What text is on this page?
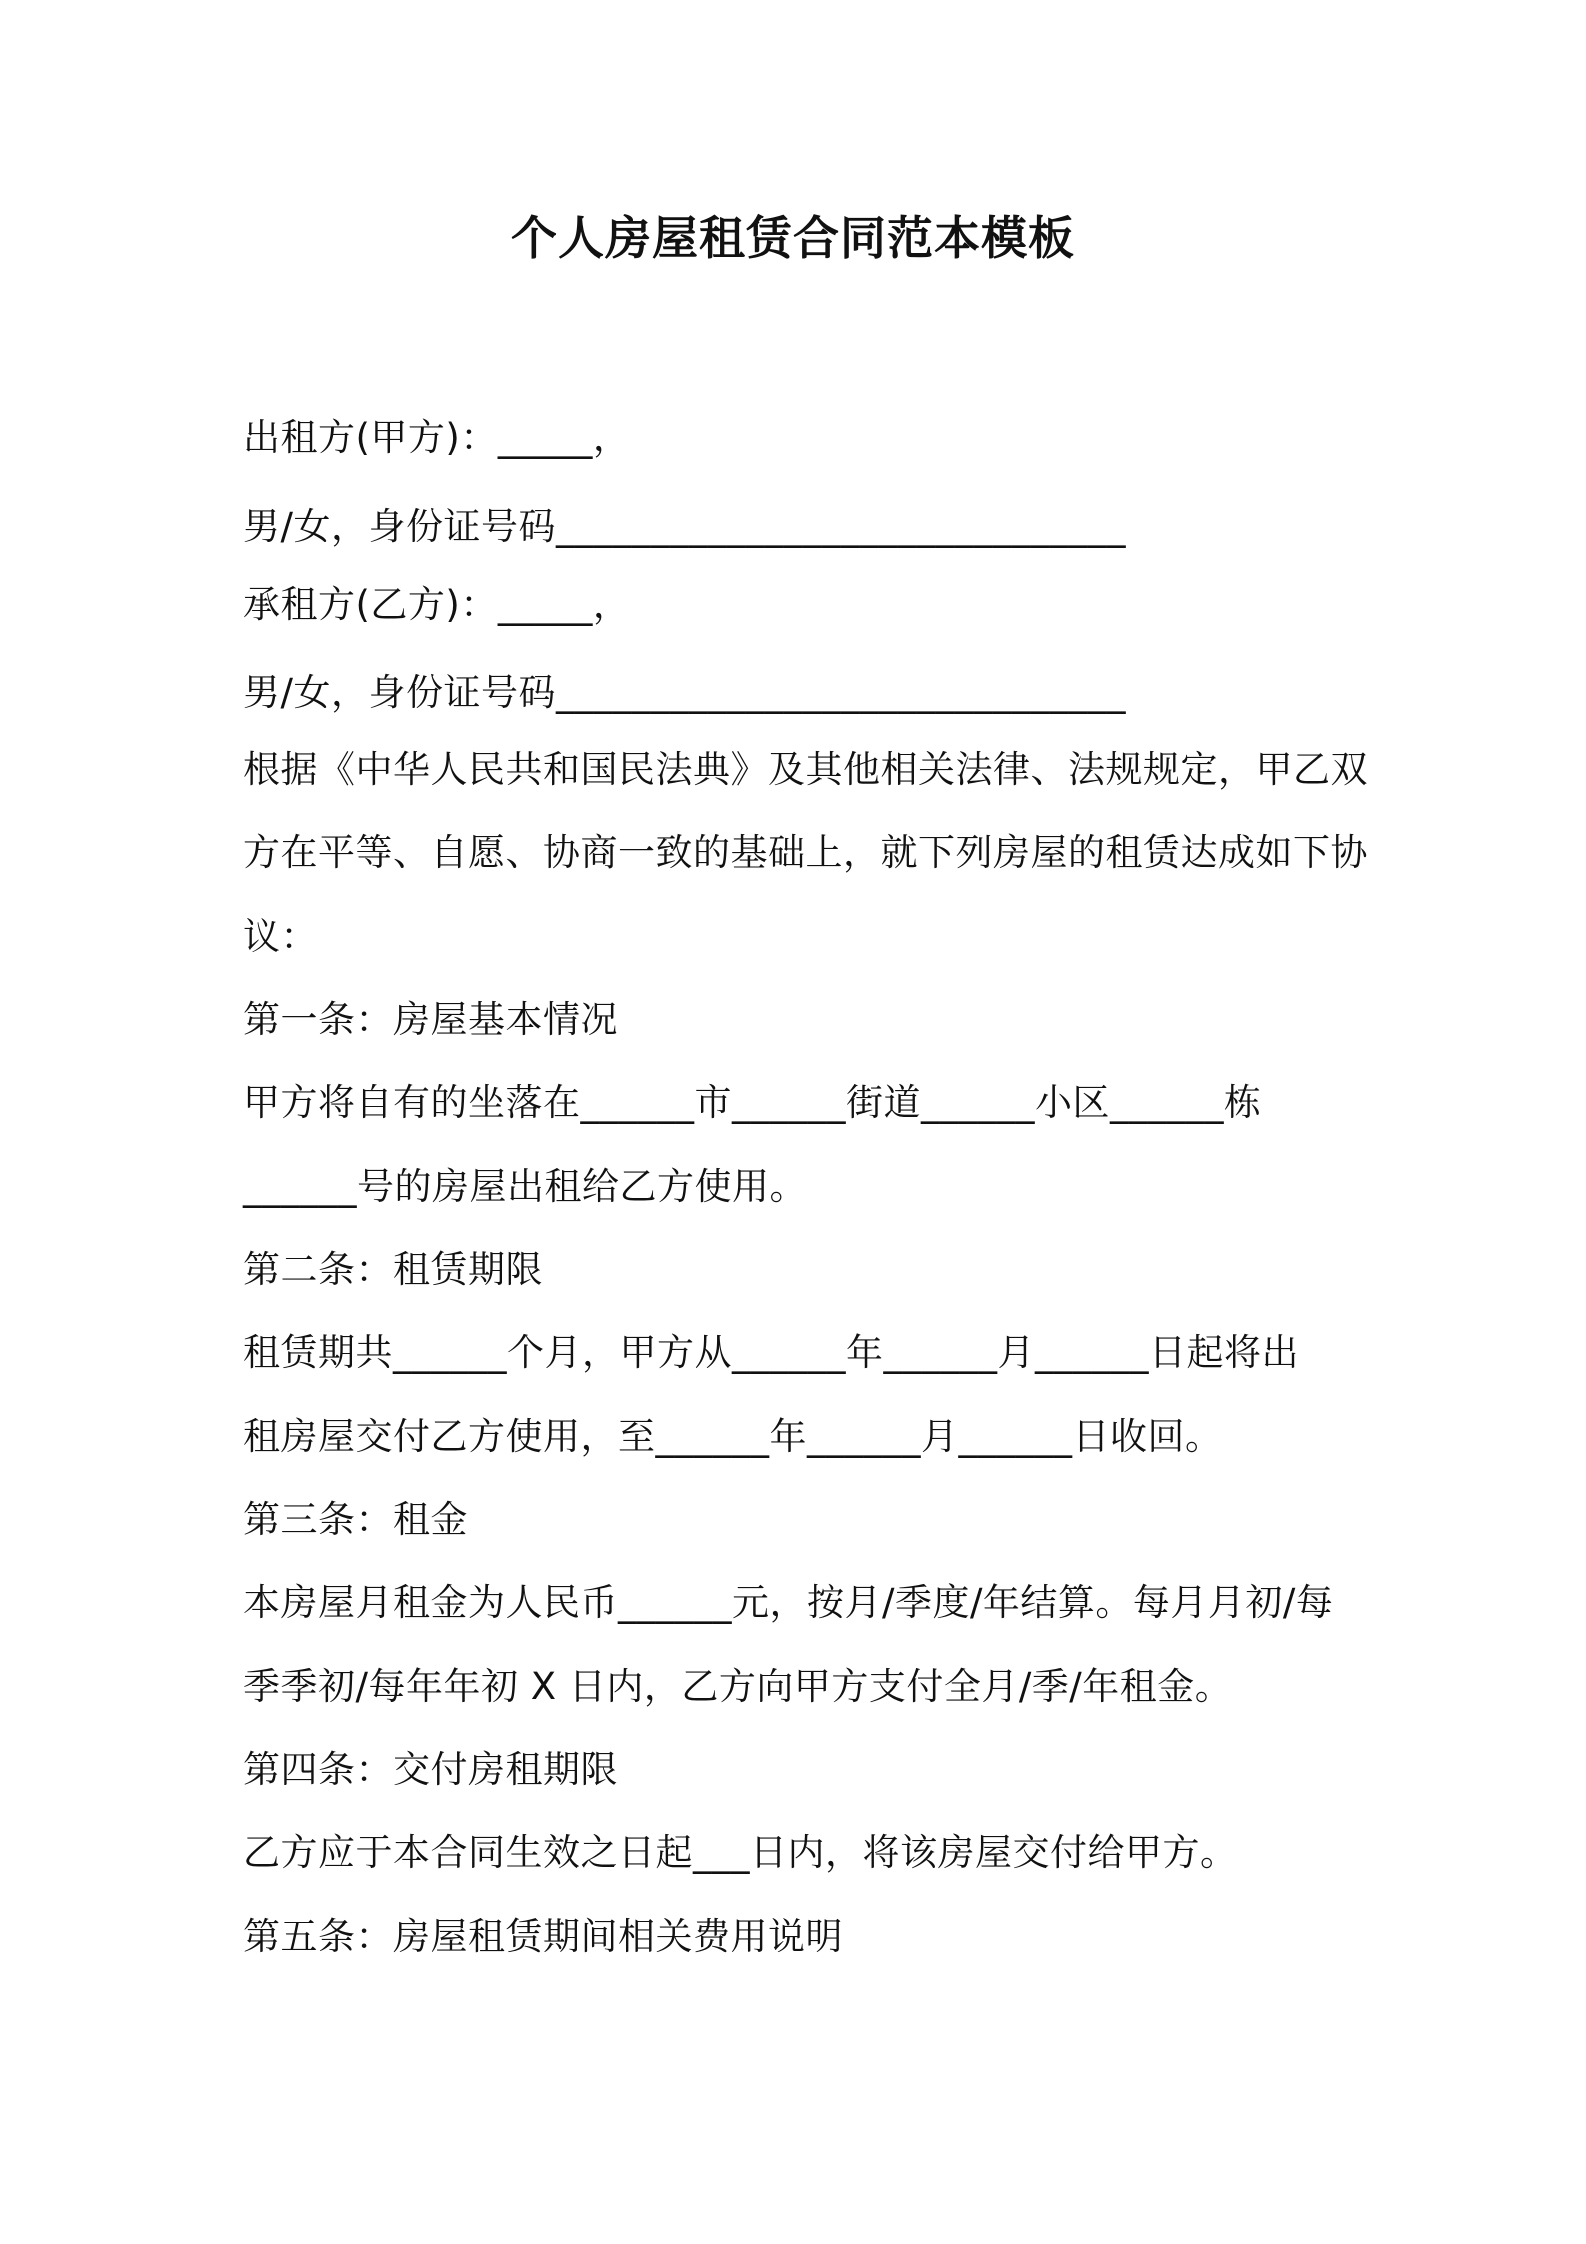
个人房屋租赁合同范本模板
出租方(甲方)：_____，
男/女，身份证号码______________________________
承租方(乙方)：_____，
男/女，身份证号码______________________________
根据《中华人民共和国民法典》及其他相关法律、法规规定，甲乙双
方在平等、自愿、协商一致的基础上，就下列房屋的租赁达成如下协
议：
第一条：房屋基本情况
甲方将自有的坐落在______市______街道______小区______栋
______号的房屋出租给乙方使用。
第二条：租赁期限
租赁期共______个月，甲方从______年______月______日起将出
租房屋交付乙方使用，至______年______月______日收回。
第三条：租金
本房屋月租金为人民币______元，按月/季度/年结算。每月月初/每
季季初/每年年初 X 日内，乙方向甲方支付全月/季/年租金。
第四条：交付房租期限
乙方应于本合同生效之日起___日内，将该房屋交付给甲方。
第五条：房屋租赁期间相关费用说明
